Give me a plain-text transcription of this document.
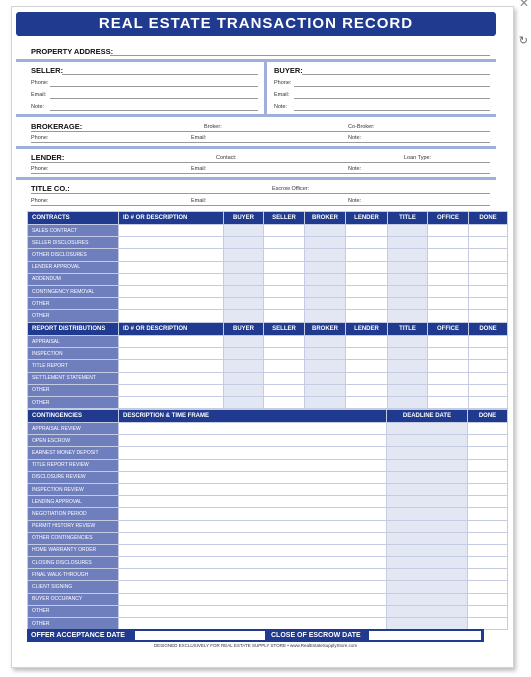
✕
↻
REAL ESTATE TRANSACTION RECORD
PROPERTY ADDRESS:
SELLER:
Phone:
Email:
Note:
BUYER:
Phone:
Email:
Note:
BROKERAGE:	Broker:	Co-Broker:
Phone:	Email:	Note:
LENDER:	Contact:	Loan Type:
Phone:	Email:	Note:
TITLE CO.:	Escrow Officer:
Phone:	Email:	Note:
CONTRACTS	ID # OR DESCRIPTION	BUYER	SELLER	BROKER	LENDER	TITLE	OFFICE	DONE
SALES CONTRACT								
SELLER DISCLOSURES								
OTHER DISCLOSURES								
LENDER APPROVAL								
ADDENDUM								
CONTINGENCY REMOVAL								
OTHER								
OTHER								
REPORT DISTRIBUTIONS	ID # OR DESCRIPTION	BUYER	SELLER	BROKER	LENDER	TITLE	OFFICE	DONE
APPRAISAL								
INSPECTION								
TITLE REPORT								
SETTLEMENT STATEMENT								
OTHER								
OTHER								
CONTINGENCIES	DESCRIPTION & TIME FRAME	DEADLINE DATE	DONE
APPRAISAL REVIEW			
OPEN ESCROW			
EARNEST MONEY DEPOSIT			
TITLE REPORT REVIEW			
DISCLOSURE REVIEW			
INSPECTION REVIEW			
LENDING APPROVAL			
NEGOTIATION PERIOD			
PERMIT HISTORY REVIEW			
OTHER CONTINGENCIES			
HOME WARRANTY ORDER			
CLOSING DISCLOSURES			
FINAL WALK-THROUGH			
CLIENT SIGNING			
BUYER OCCUPANCY			
OTHER			
OTHER			
OFFER ACCEPTANCE DATE	CLOSE OF ESCROW DATE
DESIGNED EXCLUSIVELY FOR REAL ESTATE SUPPLY STORE • www.RealEstateSupplyStore.com
